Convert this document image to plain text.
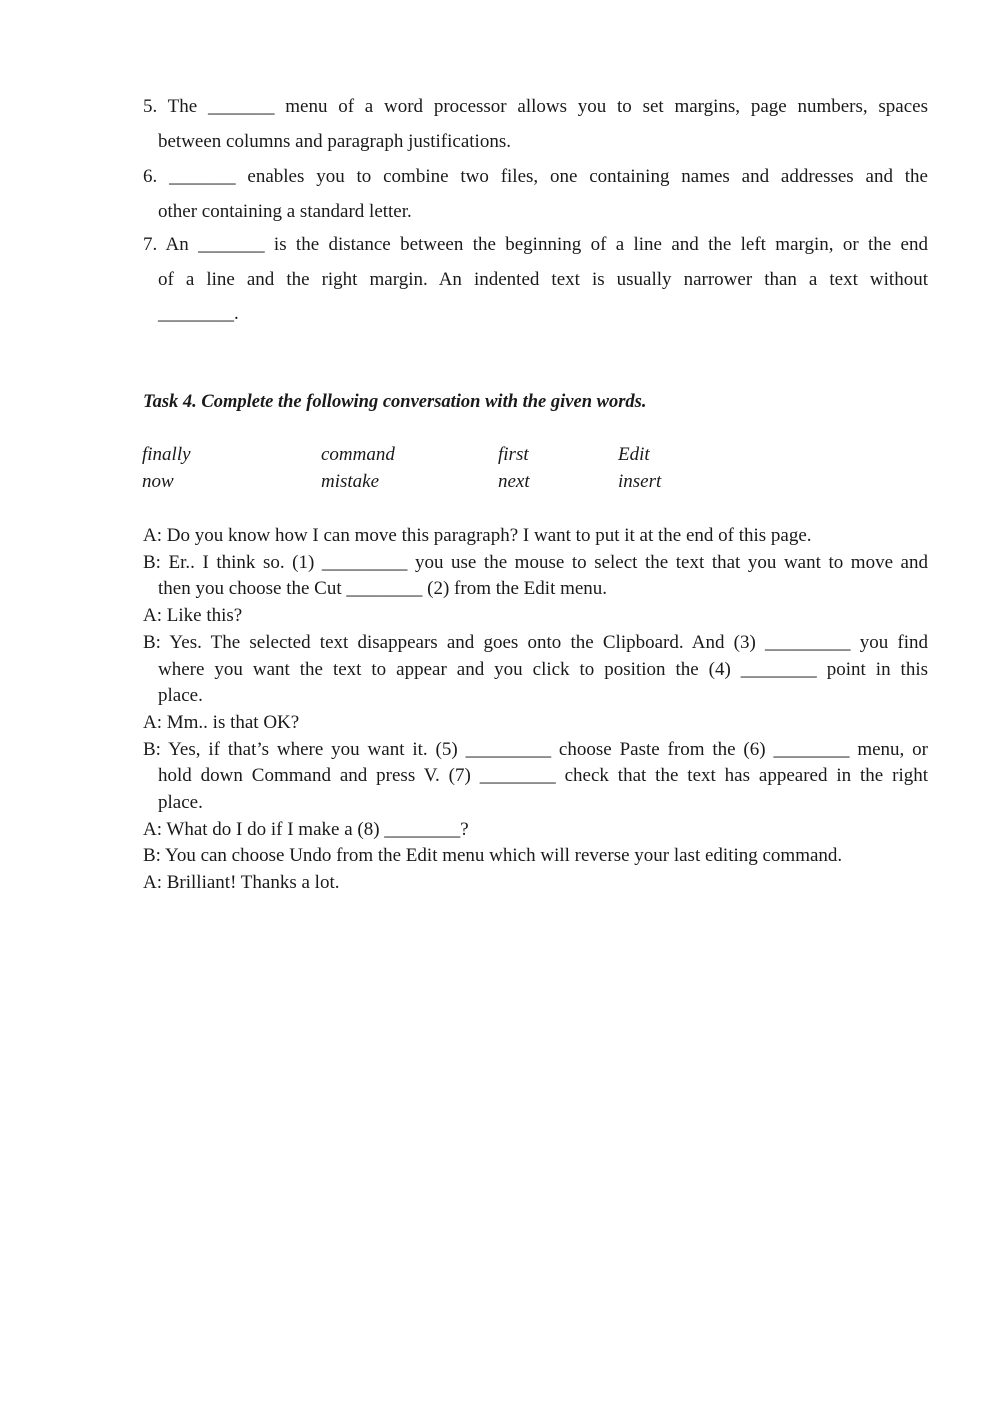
5. The _______ menu of a word processor allows you to set margins, page numbers, spaces
between columns and paragraph justifications.
6. _______ enables you to combine two files, one containing names and addresses and the
other containing a standard letter.
7. An _______ is the distance between the beginning of a line and the left margin, or the end
of a line and the right margin. An indented text is usually narrower than a text without
________.
Task 4. Complete the following conversation with the given words.
finally	command	first	Edit
now	mistake	next	insert
A: Do you know how I can move this paragraph? I want to put it at the end of this page.
B: Er.. I think so. (1) _________ you use the mouse to select the text that you want to move and
then you choose the Cut ________ (2) from the Edit menu.
A: Like this?
B: Yes. The selected text disappears and goes onto the Clipboard. And (3) _________ you find
where you want the text to appear and you click to position the (4) ________ point in this
place.
A: Mm.. is that OK?
B: Yes, if that’s where you want it. (5) _________ choose Paste from the (6) ________ menu, or
hold down Command and press V. (7) ________ check that the text has appeared in the right
place.
A: What do I do if I make a (8) ________?
B: You can choose Undo from the Edit menu which will reverse your last editing command.
A: Brilliant! Thanks a lot.
